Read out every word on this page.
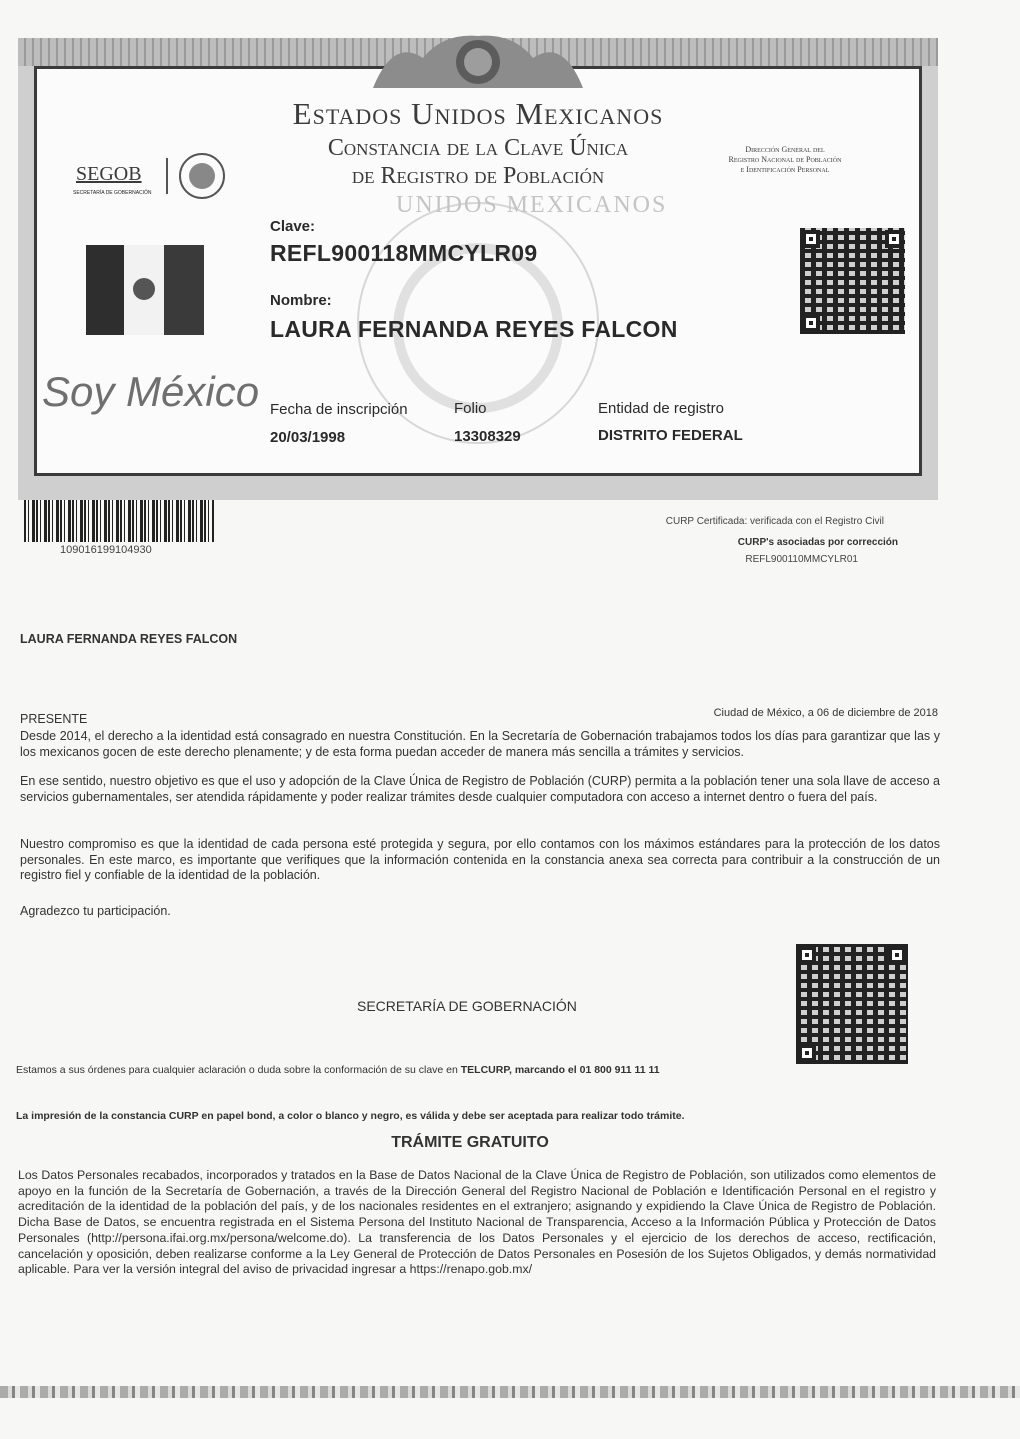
Estados Unidos Mexicanos
Constancia de la Clave Única
de Registro de Población
Dirección General del
Registro Nacional de Población
e Identificación Personal
SEGOB
SECRETARÍA DE GOBERNACIÓN
Soy México
UNIDOS MEXICANOS
Clave:
REFL900118MMCYLR09
Nombre:
LAURA FERNANDA REYES FALCON
Fecha de inscripción
20/03/1998
Folio
13308329
Entidad de registro
DISTRITO FEDERAL
109016199104930
CURP Certificada: verificada con el Registro Civil
CURP's asociadas por corrección
REFL900110MMCYLR01
LAURA FERNANDA REYES FALCON
PRESENTE	Ciudad de México, a 06 de diciembre de 2018
Desde 2014, el derecho a la identidad está consagrado en nuestra Constitución. En la Secretaría de Gobernación trabajamos todos los días para garantizar que las y los mexicanos gocen de este derecho plenamente; y de esta forma puedan acceder de manera más sencilla a trámites y servicios.
En ese sentido, nuestro objetivo es que el uso y adopción de la Clave Única de Registro de Población (CURP) permita a la población tener una sola llave de acceso a servicios gubernamentales, ser atendida rápidamente y poder realizar trámites desde cualquier computadora con acceso a internet dentro o fuera del país.
Nuestro compromiso es que la identidad de cada persona esté protegida y segura, por ello contamos con los máximos estándares para la protección de los datos personales. En este marco, es importante que verifiques que la información contenida en la constancia anexa sea correcta para contribuir a la construcción de un registro fiel y confiable de la identidad de la población.
Agradezco tu participación.
SECRETARÍA DE GOBERNACIÓN
Estamos a sus órdenes para cualquier aclaración o duda sobre la conformación de su clave en TELCURP, marcando el 01 800 911 11 11
La impresión de la constancia CURP en papel bond, a color o blanco y negro, es válida y debe ser aceptada para realizar todo trámite.
TRÁMITE GRATUITO
Los Datos Personales recabados, incorporados y tratados en la Base de Datos Nacional de la Clave Única de Registro de Población, son utilizados como elementos de apoyo en la función de la Secretaría de Gobernación, a través de la Dirección General del Registro Nacional de Población e Identificación Personal en el registro y acreditación de la identidad de la población del país, y de los nacionales residentes en el extranjero; asignando y expidiendo la Clave Única de Registro de Población. Dicha Base de Datos, se encuentra registrada en el Sistema Persona del Instituto Nacional de Transparencia, Acceso a la Información Pública y Protección de Datos Personales (http://persona.ifai.org.mx/persona/welcome.do). La transferencia de los Datos Personales y el ejercicio de los derechos de acceso, rectificación, cancelación y oposición, deben realizarse conforme a la Ley General de Protección de Datos Personales en Posesión de los Sujetos Obligados, y demás normatividad aplicable. Para ver la versión integral del aviso de privacidad ingresar a https://renapo.gob.mx/
